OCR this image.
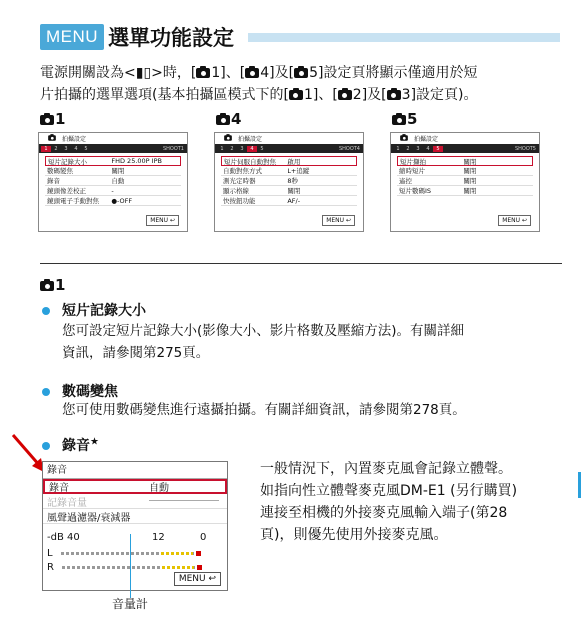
MENU 選單功能設定
電源開關設為<▮▯>時，[ 1]、[ 4]及[ 5]設定頁將顯示僅適用於短
片拍攝的選單選項(基本拍攝區模式下的[ 1]、[ 2]及[ 3]設定頁)。
1	4	5
拍攝設定
1	2	3	4	5	SHOOT1
短片記錄大小	FHD 25.00P IPB
數碼變焦	關閉
錄音	自動
鏡頭像差校正	-
鏡頭電子手動對焦	●-OFF
MENU ↩
拍攝設定
1	2	3	4	5	SHOOT4
短片伺服自動對焦	啟用
自動對焦方式	L+追蹤
測光定時器	8秒
顯示格線	關閉
快按鈕功能	AF/-
MENU ↩
拍攝設定
1	2	3	4	5	SHOOT5
短片擷拍	關閉
縮時短片	關閉
遙控	關閉
短片數碼IS	關閉
MENU ↩
1
短片記錄大小
您可設定短片記錄大小(影像大小、影片格數及壓縮方法)。有關詳細
資訊，請參閱第275頁。
數碼變焦
您可使用數碼變焦進行遠攝拍攝。有關詳細資訊，請參閱第278頁。
錄音★
錄音
錄音	自動
記錄音量
風聲過濾器/衰減器
-dB 40	12	0
L
R
MENU ↩
音量計
一般情況下，內置麥克風會記錄立體聲。
如指向性立體聲麥克風DM-E1 (另行購買)
連接至相機的外接麥克風輸入端子(第28
頁)，則優先使用外接麥克風。
